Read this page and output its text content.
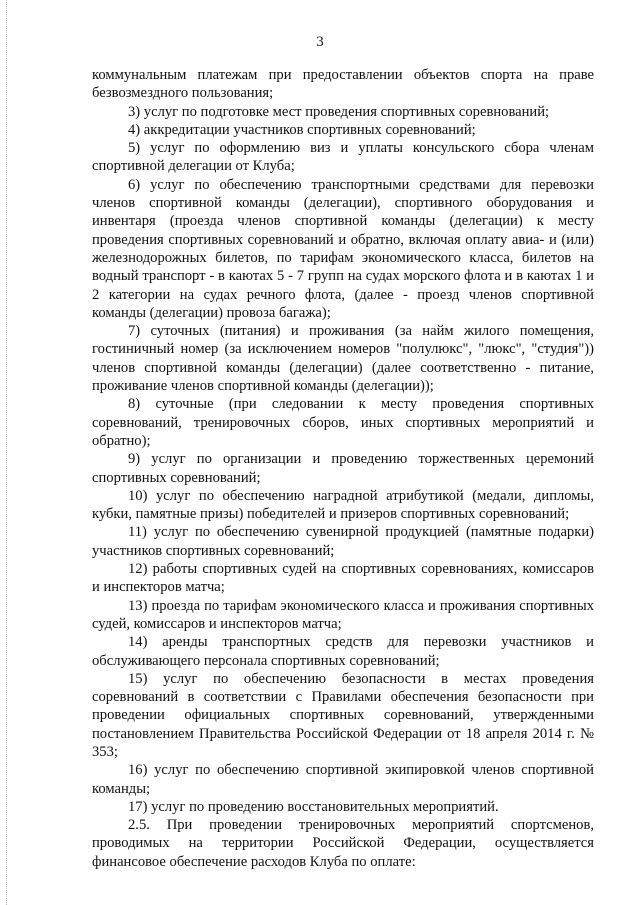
3

коммунальным платежам при предоставлении объектов спорта на праве безвозмездного пользования;

3) услуг по подготовке мест проведения спортивных соревнований;

4) аккредитации участников спортивных соревнований;

5) услуг по оформлению виз и уплаты консульского сбора членам спортивной делегации от Клуба;

6) услуг по обеспечению транспортными средствами для перевозки членов спортивной команды (делегации), спортивного оборудования и инвентаря (проезда членов спортивной команды (делегации) к месту проведения спортивных соревнований и обратно, включая оплату авиа- и (или) железнодорожных билетов, по тарифам экономического класса, билетов на водный транспорт - в каютах 5 - 7 групп на судах морского флота и в каютах 1 и 2 категории на судах речного флота, (далее - проезд членов спортивной команды (делегации) провоза багажа);

7) суточных (питания) и проживания (за найм жилого помещения, гостиничный номер (за исключением номеров "полулюкс", "люкс", "студия")) членов спортивной команды (делегации) (далее соответственно - питание, проживание членов спортивной команды (делегации));

8) суточные (при следовании к месту проведения спортивных соревнований, тренировочных сборов, иных спортивных мероприятий и обратно);

9) услуг по организации и проведению торжественных церемоний спортивных соревнований;

10) услуг по обеспечению наградной атрибутикой (медали, дипломы, кубки, памятные призы) победителей и призеров спортивных соревнований;

11) услуг по обеспечению сувенирной продукцией (памятные подарки) участников спортивных соревнований;

12) работы спортивных судей на спортивных соревнованиях, комиссаров и инспекторов матча;

13) проезда по тарифам экономического класса и проживания спортивных судей, комиссаров и инспекторов матча;

14) аренды транспортных средств для перевозки участников и обслуживающего персонала спортивных соревнований;

15) услуг по обеспечению безопасности в местах проведения соревнований в соответствии с Правилами обеспечения безопасности при проведении официальных спортивных соревнований, утвержденными постановлением Правительства Российской Федерации от 18 апреля 2014 г. № 353;

16) услуг по обеспечению спортивной экипировкой членов спортивной команды;

17) услуг по проведению восстановительных мероприятий.

2.5. При проведении тренировочных мероприятий спортсменов, проводимых на территории Российской Федерации, осуществляется финансовое обеспечение расходов Клуба по оплате:
